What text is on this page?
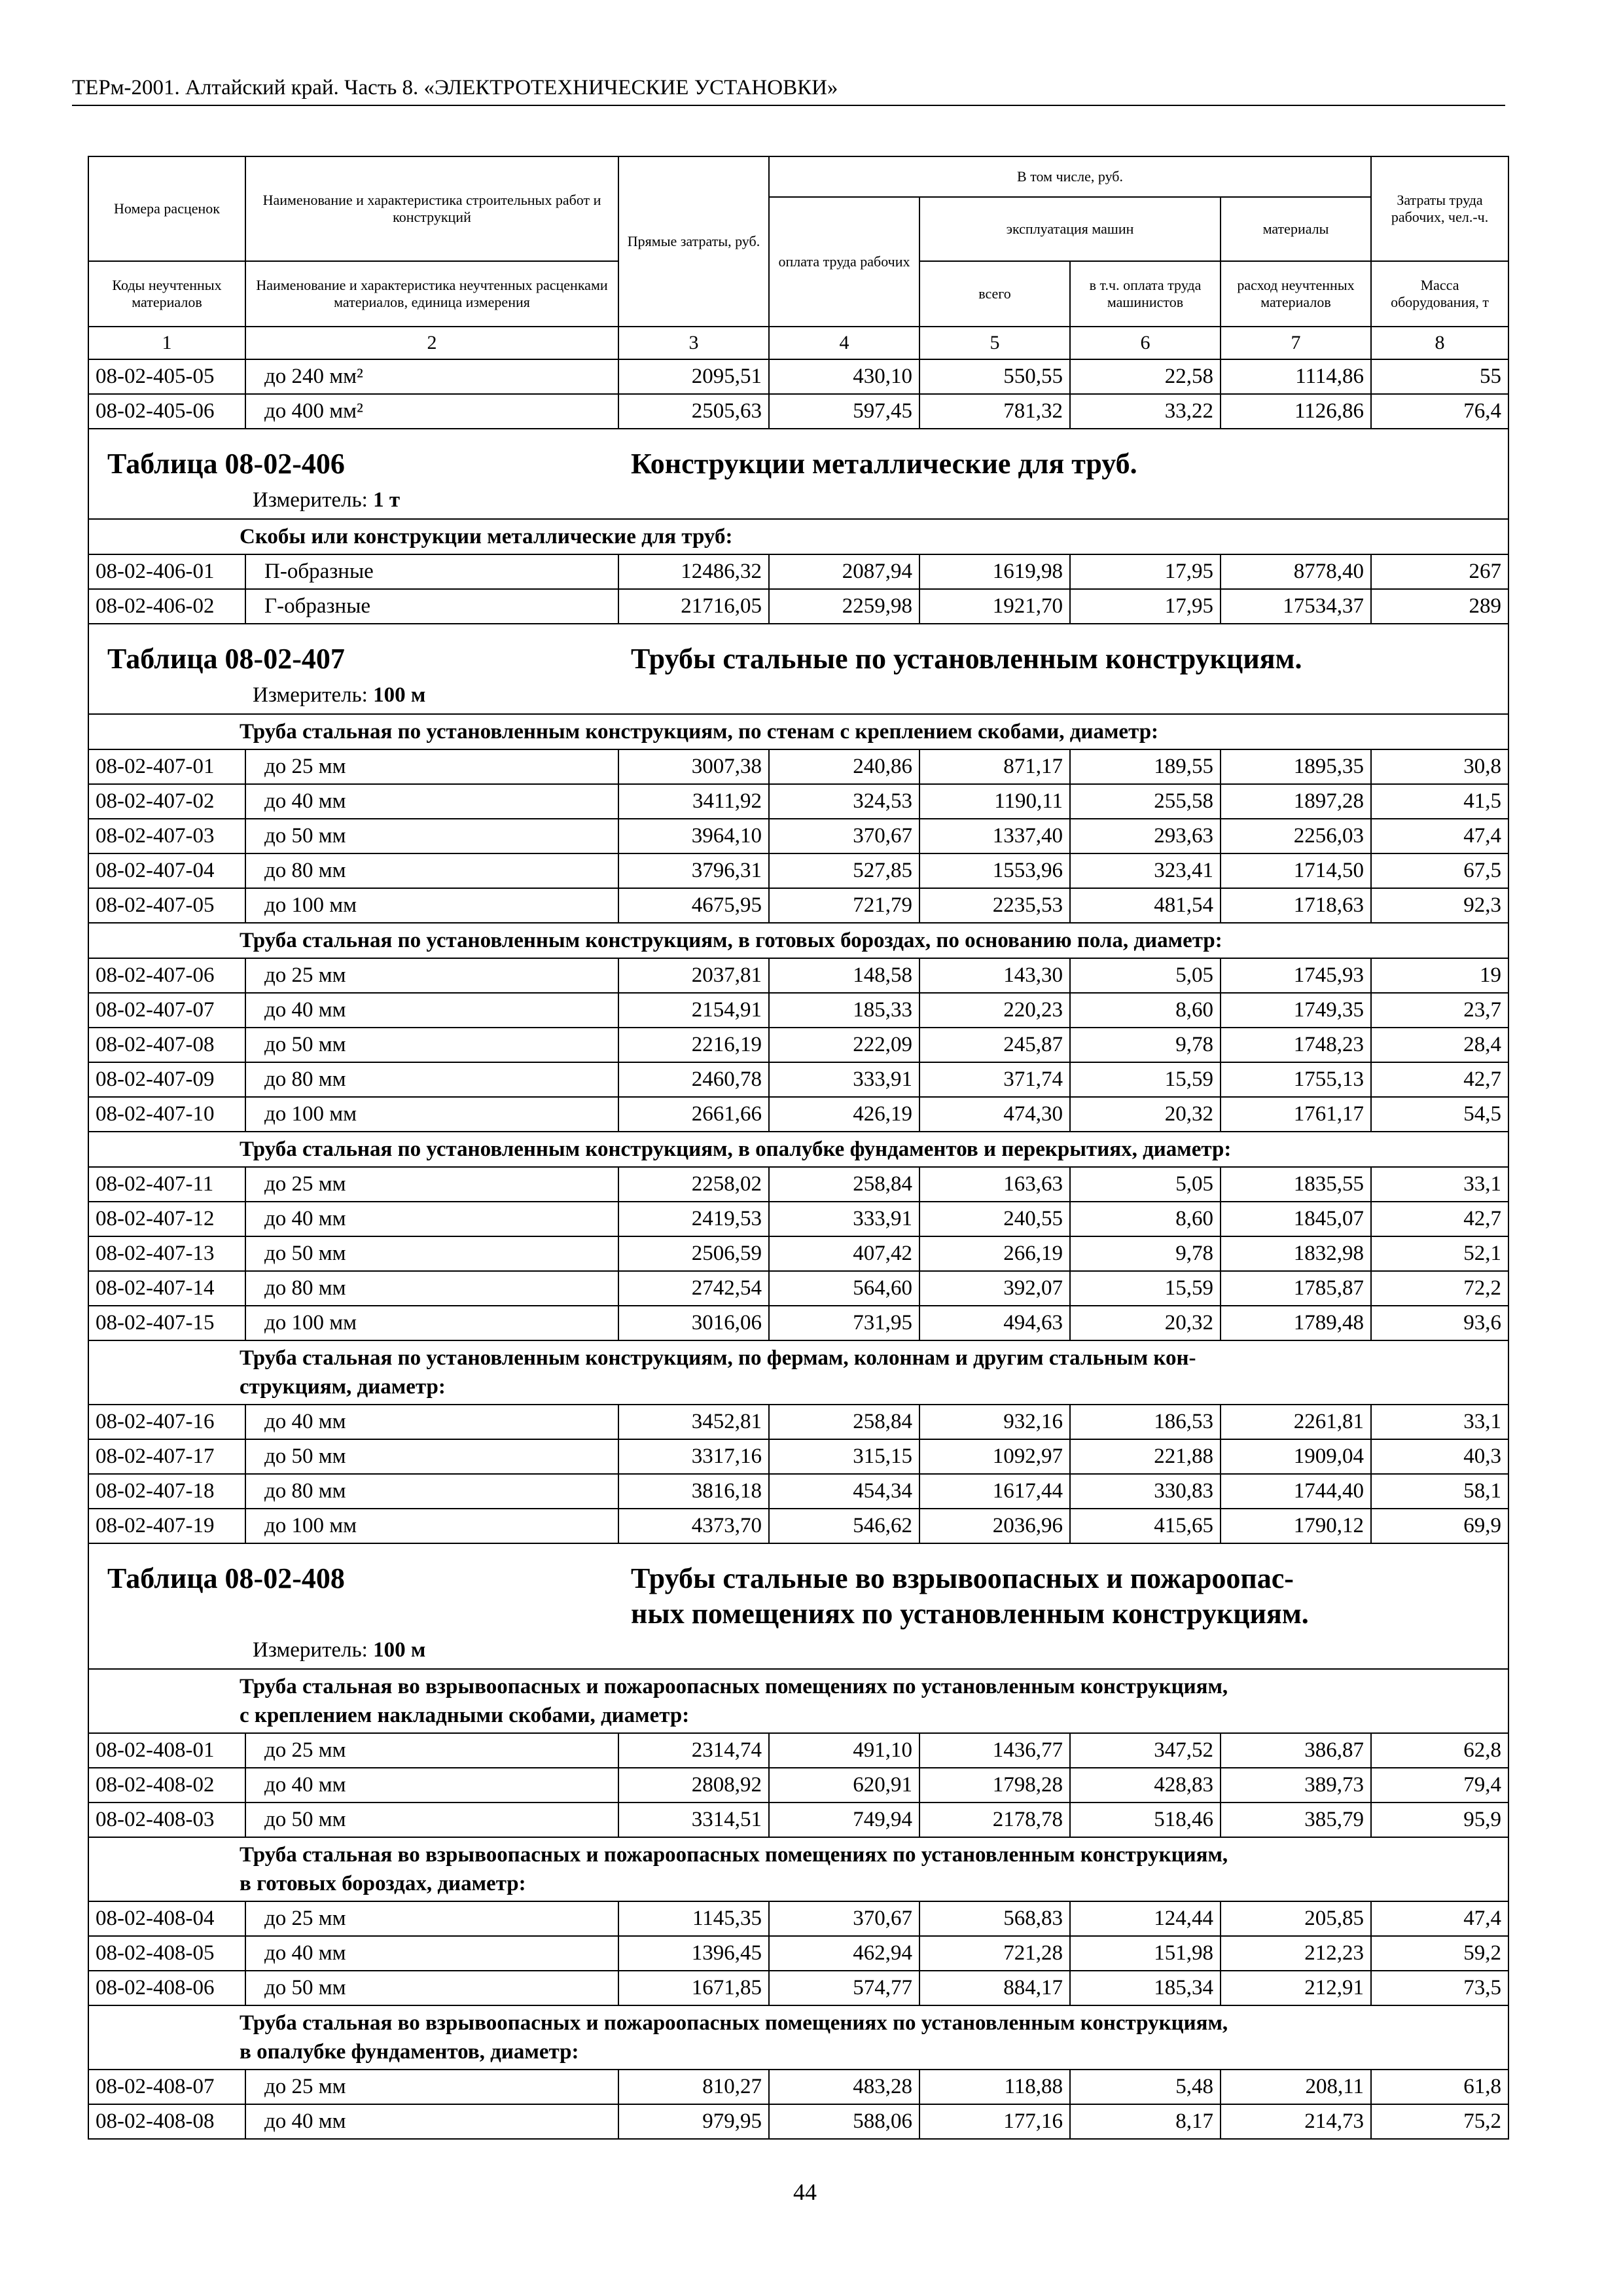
ТЕРм-2001. Алтайский край. Часть 8. «ЭЛЕКТРОТЕХНИЧЕСКИЕ УСТАНОВКИ»
Номера расценок	Наименование и характеристика строительных работ и конструкций	Прямые затраты, руб.	В том числе, руб.				Затраты труда рабочих, чел.-ч.
			оплата труда рабочих	эксплуатация машин		материалы	
Коды неучтенных материалов	Наименование и характеристика неучтенных расценками материалов, единица измерения			всего	в т.ч. оплата труда машинистов	расход неучтенных материалов	Масса оборудования, т
1	2	3	4	5	6	7	8
08-02-405-05	до 240 мм²	2095,51	430,10	550,55	22,58	1114,86	55
08-02-405-06	до 400 мм²	2505,63	597,45	781,32	33,22	1126,86	76,4

Таблица 08-02-406 Конструкции металлические для труб.
Измеритель: 1 т							

Скобы или конструкции металлические для труб:							

08-02-406-01	П-образные	12486,32	2087,94	1619,98	17,95	8778,40	267
08-02-406-02	Г-образные	21716,05	2259,98	1921,70	17,95	17534,37	289

Таблица 08-02-407 Трубы стальные по установленным конструкциям.
Измеритель: 100 м							

Труба стальная по установленным конструкциям, по стенам с креплением скобами, диаметр:							

08-02-407-01	до 25 мм	3007,38	240,86	871,17	189,55	1895,35	30,8
08-02-407-02	до 40 мм	3411,92	324,53	1190,11	255,58	1897,28	41,5
08-02-407-03	до 50 мм	3964,10	370,67	1337,40	293,63	2256,03	47,4
08-02-407-04	до 80 мм	3796,31	527,85	1553,96	323,41	1714,50	67,5
08-02-407-05	до 100 мм	4675,95	721,79	2235,53	481,54	1718,63	92,3

Труба стальная по установленным конструкциям, в готовых бороздах, по основанию пола, диаметр:							

08-02-407-06	до 25 мм	2037,81	148,58	143,30	5,05	1745,93	19
08-02-407-07	до 40 мм	2154,91	185,33	220,23	8,60	1749,35	23,7
08-02-407-08	до 50 мм	2216,19	222,09	245,87	9,78	1748,23	28,4
08-02-407-09	до 80 мм	2460,78	333,91	371,74	15,59	1755,13	42,7
08-02-407-10	до 100 мм	2661,66	426,19	474,30	20,32	1761,17	54,5

Труба стальная по установленным конструкциям, в опалубке фундаментов и перекрытиях, диаметр:							

08-02-407-11	до 25 мм	2258,02	258,84	163,63	5,05	1835,55	33,1
08-02-407-12	до 40 мм	2419,53	333,91	240,55	8,60	1845,07	42,7
08-02-407-13	до 50 мм	2506,59	407,42	266,19	9,78	1832,98	52,1
08-02-407-14	до 80 мм	2742,54	564,60	392,07	15,59	1785,87	72,2
08-02-407-15	до 100 мм	3016,06	731,95	494,63	20,32	1789,48	93,6

Труба стальная по установленным конструкциям, по фермам, колоннам и другим стальным кон-
струкциям, диаметр:							

08-02-407-16	до 40 мм	3452,81	258,84	932,16	186,53	2261,81	33,1
08-02-407-17	до 50 мм	3317,16	315,15	1092,97	221,88	1909,04	40,3
08-02-407-18	до 80 мм	3816,18	454,34	1617,44	330,83	1744,40	58,1
08-02-407-19	до 100 мм	4373,70	546,62	2036,96	415,65	1790,12	69,9

Таблица 08-02-408 Трубы стальные во взрывоопасных и пожароопас-
ных помещениях по установленным конструкциям.
Измеритель: 100 м							

Труба стальная во взрывоопасных и пожароопасных помещениях по установленным конструкциям,
с креплением накладными скобами, диаметр:							

08-02-408-01	до 25 мм	2314,74	491,10	1436,77	347,52	386,87	62,8
08-02-408-02	до 40 мм	2808,92	620,91	1798,28	428,83	389,73	79,4
08-02-408-03	до 50 мм	3314,51	749,94	2178,78	518,46	385,79	95,9

Труба стальная во взрывоопасных и пожароопасных помещениях по установленным конструкциям,
в готовых бороздах, диаметр:							

08-02-408-04	до 25 мм	1145,35	370,67	568,83	124,44	205,85	47,4
08-02-408-05	до 40 мм	1396,45	462,94	721,28	151,98	212,23	59,2
08-02-408-06	до 50 мм	1671,85	574,77	884,17	185,34	212,91	73,5

Труба стальная во взрывоопасных и пожароопасных помещениях по установленным конструкциям,
в опалубке фундаментов, диаметр:							

08-02-408-07	до 25 мм	810,27	483,28	118,88	5,48	208,11	61,8
08-02-408-08	до 40 мм	979,95	588,06	177,16	8,17	214,73	75,2
44
